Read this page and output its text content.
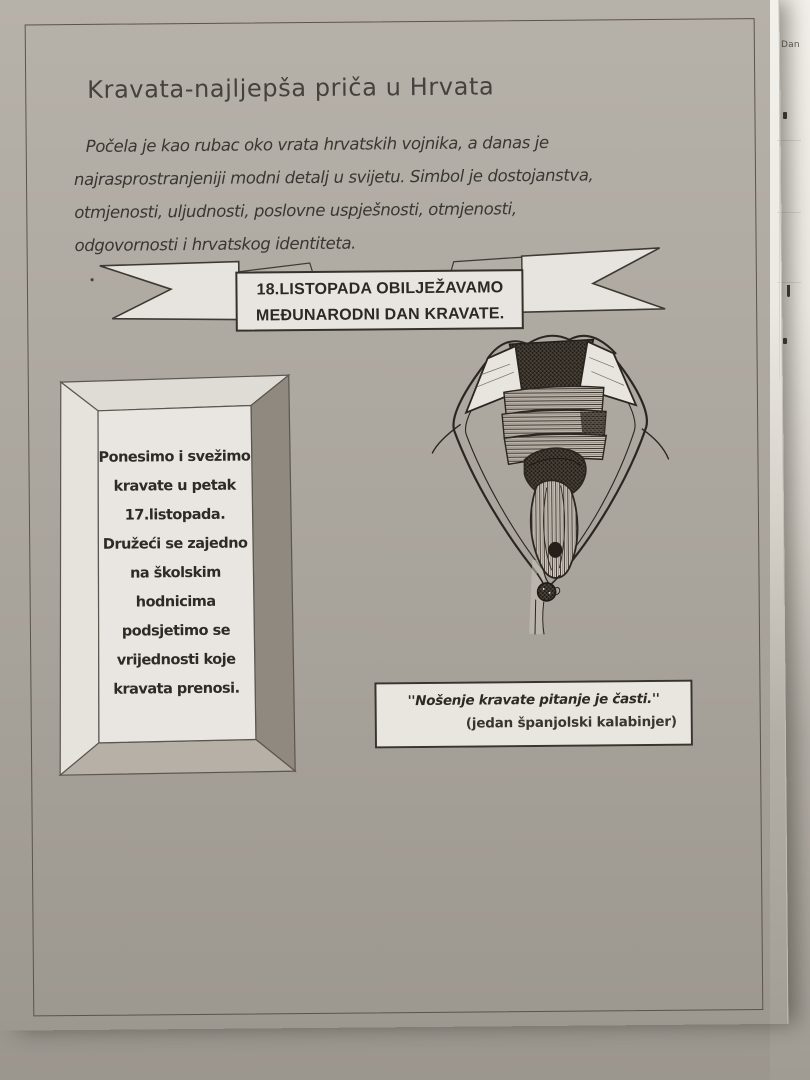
Dan
Kravata-najljepša priča u Hrvata
Počela je kao rubac oko vrata hrvatskih vojnika, a danas je
najrasprostranjeniji modni detalj u svijetu. Simbol je dostojanstva,
otmjenosti, uljudnosti, poslovne uspješnosti, otmjenosti,
odgovornosti i hrvatskog identiteta.
•	18.LISTOPADA OBILJEŽAVAMO
MEĐUNARODNI DAN KRAVATE.
Ponesimo i svežimo
kravate u petak
17.listopada.
Družeći se zajedno
na školskim
hodnicima
podsjetimo se
vrijednosti koje
kravata prenosi.
''Nošenje kravate pitanje je časti.''
(jedan španjolski kalabinjer)
